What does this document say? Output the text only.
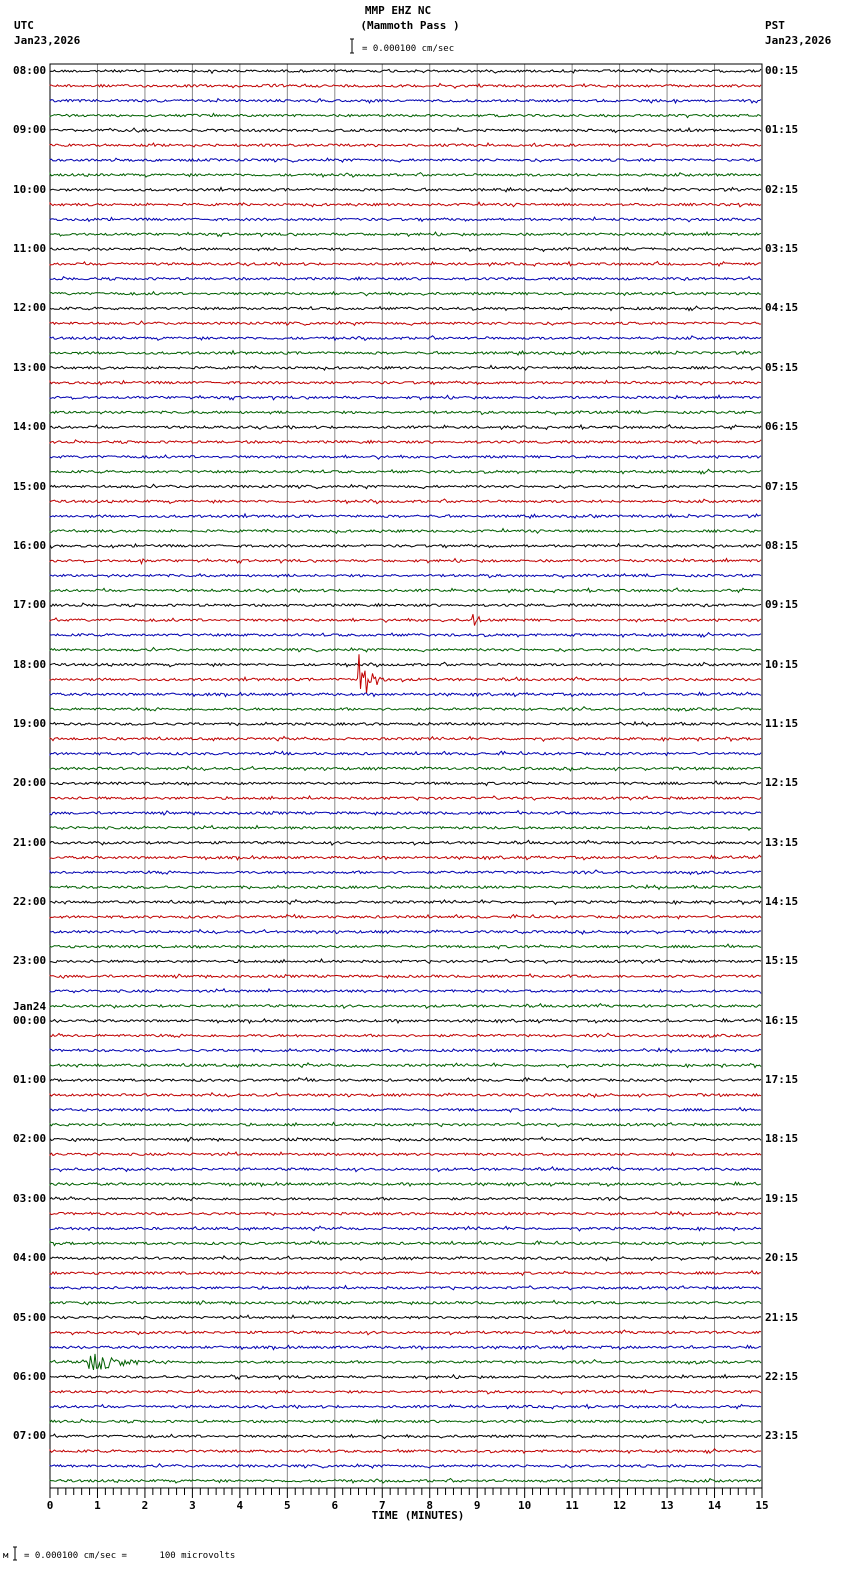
MMP EHZ NC
(Mammoth Pass )
UTC
Jan23,2026
PST
Jan23,2026
= 0.000100 cm/sec
0	1	2	3	4	5	6	7	8	9	10	11	12	13	14	15
08:00	00:15
09:00	01:15
10:00	02:15
11:00	03:15
12:00	04:15
13:00	05:15
14:00	06:15
15:00	07:15
16:00	08:15
17:00	09:15
18:00	10:15
19:00	11:15
20:00	12:15
21:00	13:15
22:00	14:15
23:00	15:15
00:00	16:15
Jan24
01:00	17:15
02:00	18:15
03:00	19:15
04:00	20:15
05:00	21:15
06:00	22:15
07:00	23:15
TIME (MINUTES)
м = 0.000100 cm/sec =      100 microvolts
